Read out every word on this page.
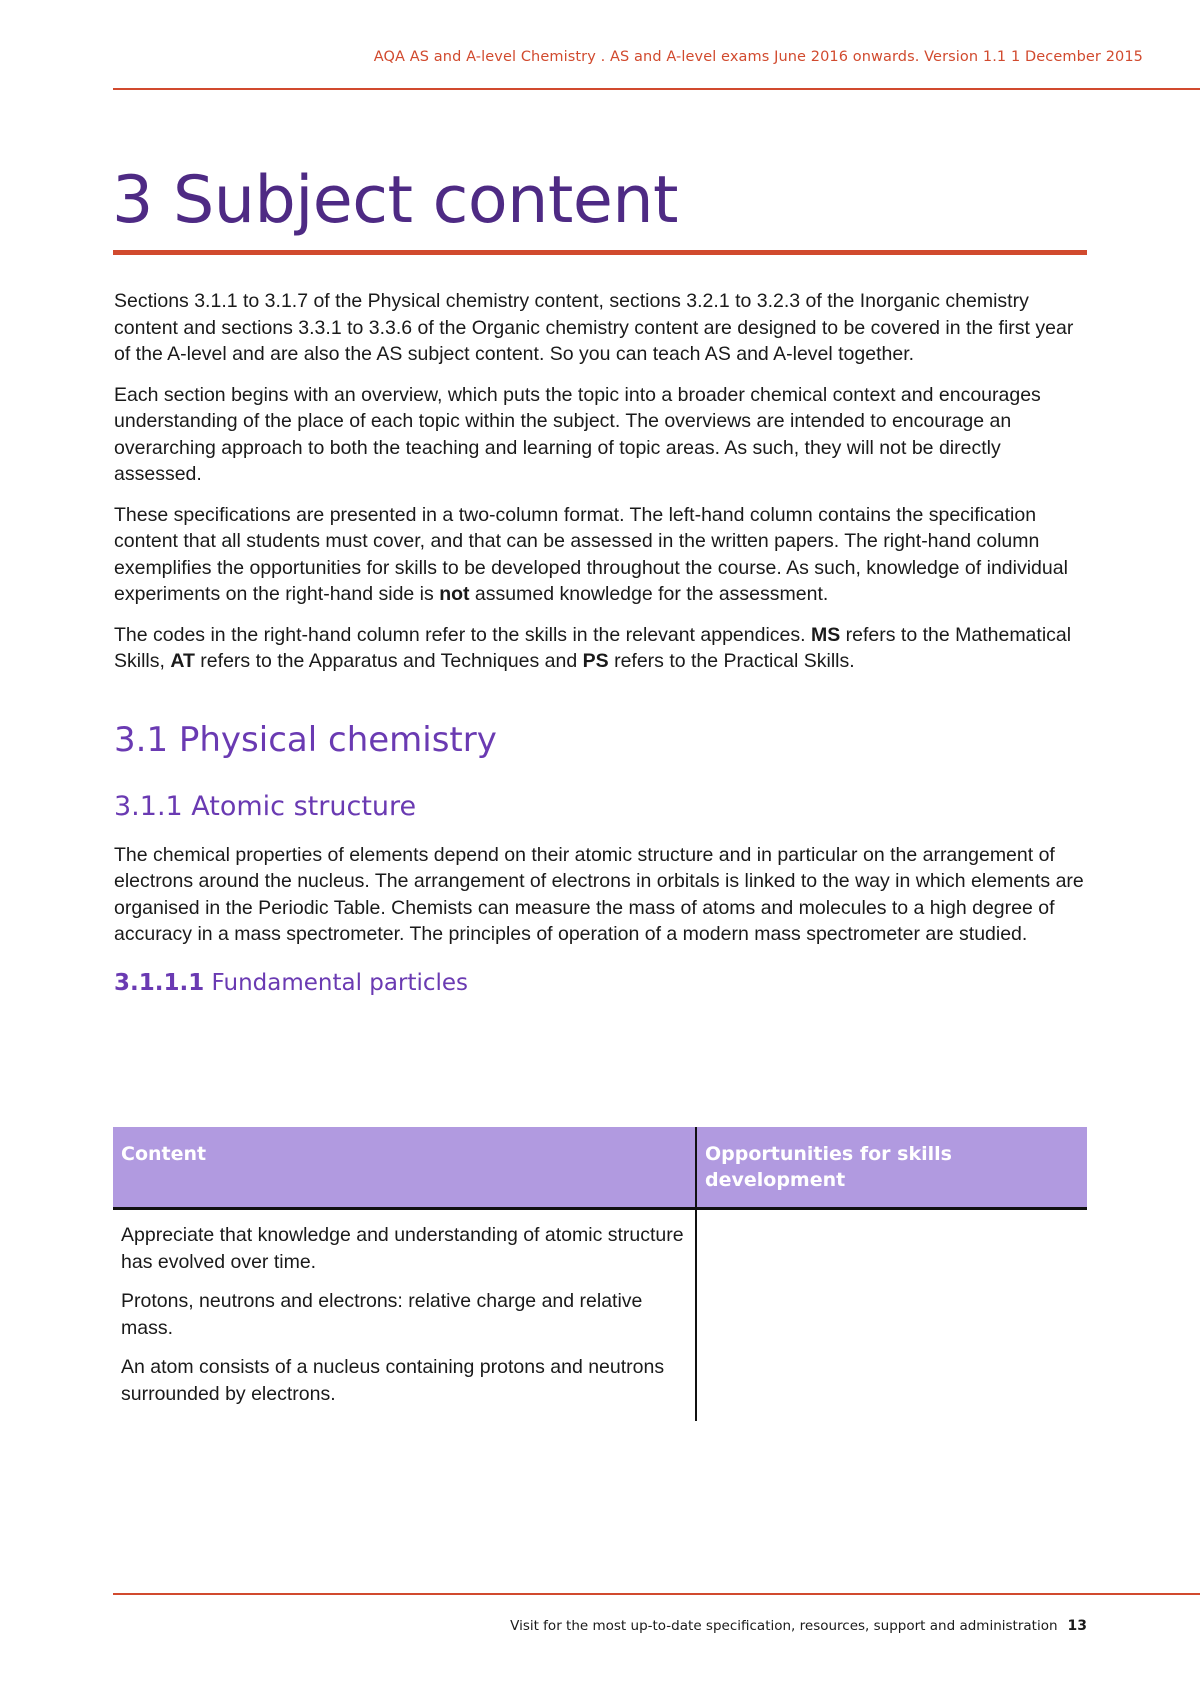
AQA AS and A-level Chemistry . AS and A-level exams June 2016 onwards. Version 1.1 1 December 2015
3 Subject content

Sections 3.1.1 to 3.1.7 of the Physical chemistry content, sections 3.2.1 to 3.2.3 of the Inorganic chemistry content and sections 3.3.1 to 3.3.6 of the Organic chemistry content are designed to be covered in the first year of the A-level and are also the AS subject content. So you can teach AS and A-level together.

Each section begins with an overview, which puts the topic into a broader chemical context and encourages understanding of the place of each topic within the subject. The overviews are intended to encourage an overarching approach to both the teaching and learning of topic areas. As such, they will not be directly assessed.

These specifications are presented in a two-column format. The left-hand column contains the specification content that all students must cover, and that can be assessed in the written papers. The right-hand column exemplifies the opportunities for skills to be developed throughout the course. As such, knowledge of individual experiments on the right-hand side is not assumed knowledge for the assessment.

The codes in the right-hand column refer to the skills in the relevant appendices. MS refers to the Mathematical Skills, AT refers to the Apparatus and Techniques and PS refers to the Practical Skills.

3.1 Physical chemistry
3.1.1 Atomic structure

The chemical properties of elements depend on their atomic structure and in particular on the arrangement of electrons around the nucleus. The arrangement of electrons in orbitals is linked to the way in which elements are organised in the Periodic Table. Chemists can measure the mass of atoms and molecules to a high degree of accuracy in a mass spectrometer. The principles of operation of a modern mass spectrometer are studied.

3.1.1.1 Fundamental particles
Content	Opportunities for skills development

Appreciate that knowledge and understanding of atomic structure has evolved over time.

Protons, neutrons and electrons: relative charge and relative mass.

An atom consists of a nucleus containing protons and neutrons surrounded by electrons.	

Visit for the most up-to-date specification, resources, support and administration 13
